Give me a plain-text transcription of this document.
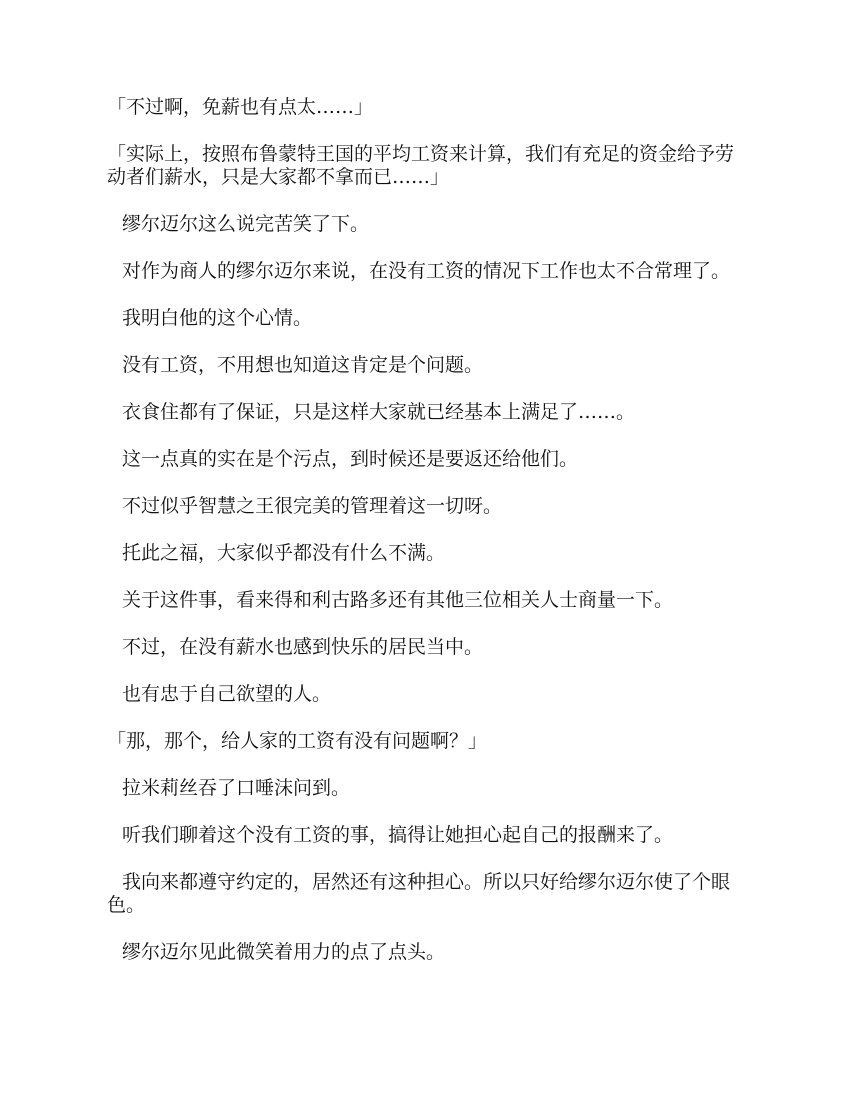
「不过啊，免薪也有点太……」

「实际上，按照布鲁蒙特王国的平均工资来计算，我们有充足的资金给予劳动者们薪水，只是大家都不拿而已……」

缪尔迈尔这么说完苦笑了下。

对作为商人的缪尔迈尔来说，在没有工资的情况下工作也太不合常理了。

我明白他的这个心情。

没有工资，不用想也知道这肯定是个问题。

衣食住都有了保证，只是这样大家就已经基本上满足了……。

这一点真的实在是个污点，到时候还是要返还给他们。

不过似乎智慧之王很完美的管理着这一切呀。

托此之福，大家似乎都没有什么不满。

关于这件事，看来得和利古路多还有其他三位相关人士商量一下。

不过，在没有薪水也感到快乐的居民当中。

也有忠于自己欲望的人。

「那，那个，给人家的工资有没有问题啊？」

拉米莉丝吞了口唾沫问到。

听我们聊着这个没有工资的事，搞得让她担心起自己的报酬来了。

我向来都遵守约定的，居然还有这种担心。所以只好给缪尔迈尔使了个眼色。

缪尔迈尔见此微笑着用力的点了点头。
